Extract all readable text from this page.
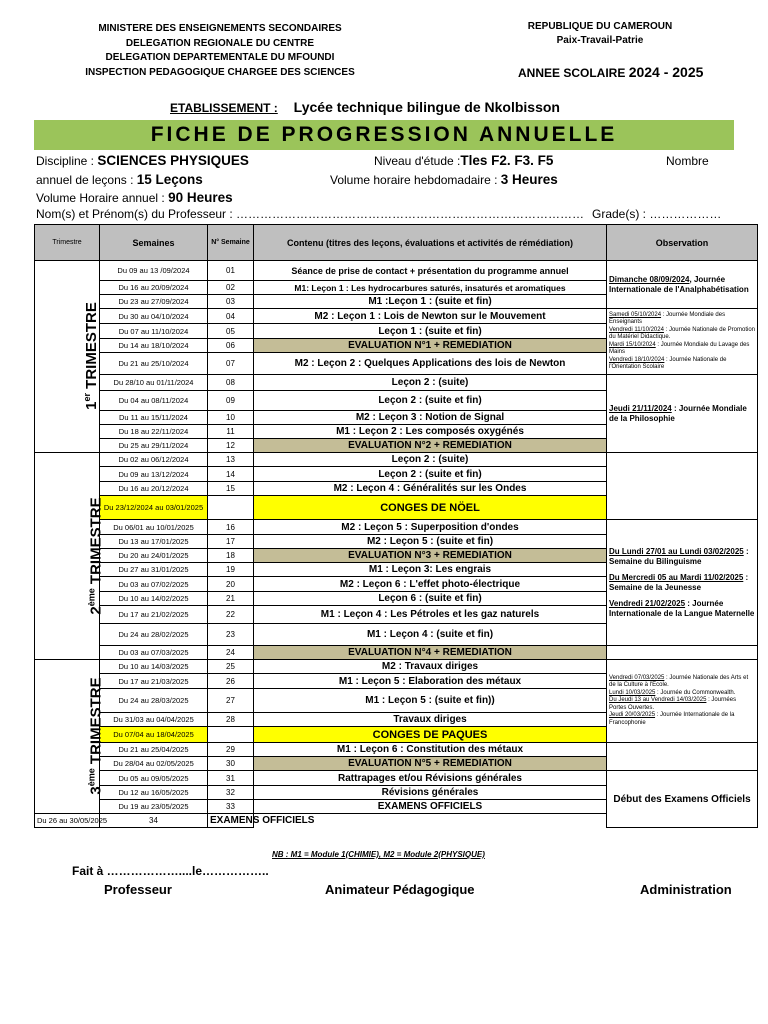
MINISTERE DES ENSEIGNEMENTS SECONDAIRES
DELEGATION REGIONALE DU CENTRE
DELEGATION DEPARTEMENTALE DU MFOUNDI
INSPECTION PEDAGOGIQUE CHARGEE DES SCIENCES
REPUBLIQUE DU CAMEROUN
Paix-Travail-Patrie
ANNEE SCOLAIRE 2024 - 2025
ETABLISSEMENT : Lycée technique bilingue de Nkolbisson
FICHE DE PROGRESSION ANNUELLE
Discipline : SCIENCES PHYSIQUES	Niveau d'étude :Tles F2. F3. F5	Nombre
annuel de leçons : 15 Leçons	Volume horaire hebdomadaire : 3 Heures
Volume Horaire annuel : 90 Heures
Nom(s) et Prénom(s) du Professeur : …………………………………………………………………………… Grade(s) : ………………
Trimestre	Semaines	N° Semaine	Contenu (titres des leçons, évaluations et activités de rémédiation)	Observation
1er TRIMESTRE	Du 09 au 13 /09/2024	01	Séance de prise de contact + présentation du programme annuel	Dimanche 08/09/2024, Journée Internationale de l'Analphabétisation

	Du 16 au 20/09/2024	02	M1: Leçon 1 : Les hydrocarbures saturés, insaturés et aromatiques	
	Du 23 au 27/09/2024	03	M1 :Leçon 1 : (suite et fin)	
	Du 30 au 04/10/2024	04	M2 : Leçon 1 : Lois de Newton sur le Mouvement	Samedi 05/10/2024 : Journée Mondiale des Enseignants
Vendredi 11/10/2024 : Journée Nationale de Promotion du Matériel Didactique.
Mardi 15/10/2024 : Journée Mondiale du Lavage des Mains
Vendredi 18/10/2024 : Journée Nationale de l'Orientation Scolaire

	Du 07 au 11/10/2024	05	Leçon 1 : (suite et fin)	
	Du 14 au 18/10/2024	06	EVALUATION N°1 + REMEDIATION	
	Du 21 au 25/10/2024	07	M2 : Leçon 2 : Quelques Applications des lois de Newton	
	Du 28/10 au 01/11/2024	08	Leçon 2 : (suite)	Jeudi 21/11/2024 : Journée Mondiale de la Philosophie

	Du 04 au 08/11/2024	09	Leçon 2 : (suite et fin)	
	Du 11 au 15/11/2024	10	M2 : Leçon 3 : Notion de Signal	
	Du 18 au 22/11/2024	11	M1 : Leçon 2 : Les composés oxygénés	
	Du 25 au 29/11/2024	12	EVALUATION N°2 + REMEDIATION	
2ème TRIMESTRE	Du 02 au 06/12/2024	13	Leçon 2 : (suite)	
	Du 09 au 13/12/2024	14	Leçon 2 : (suite et fin)	
	Du 16 au 20/12/2024	15	M2 : Leçon 4 : Généralités sur les Ondes	
	Du 23/12/2024 au 03/01/2025		CONGES DE NÖEL	
	Du 06/01 au 10/01/2025	16	M2 : Leçon 5 : Superposition d'ondes	Du Lundi 27/01 au Lundi 03/02/2025 : Semaine du Bilinguisme
Du Mercredi 05 au Mardi 11/02/2025 : Semaine de la Jeunesse
Vendredi 21/02/2025 : Journée Internationale de la Langue Maternelle

	Du 13 au 17/01/2025	17	M2 : Leçon 5 : (suite et fin)	
	Du 20 au 24/01/2025	18	EVALUATION N°3 + REMEDIATION	
	Du 27 au 31/01/2025	19	M1 : Leçon 3: Les engrais	
	Du 03 au 07/02/2025	20	M2 : Leçon 6 : L'effet photo-électrique	
	Du 10 au 14/02/2025	21	Leçon 6 : (suite et fin)	
	Du 17 au 21/02/2025	22	M1 : Leçon 4 : Les Pétroles et les gaz naturels	
	Du 24 au 28/02/2025	23	M1 : Leçon 4 : (suite et fin)	
	Du 03 au 07/03/2025	24	EVALUATION N°4 + REMEDIATION	
3ème TRIMESTRE	Du 10 au 14/03/2025	25	M2 : Travaux diriges	Vendredi 07/03/2025 : Journée Nationale des Arts et de la Culture à l'Ecole.
Lundi 10/03/2025 : Journée du Commonwealth.
Du Jeudi 13 au Vendredi 14/03/2025 : Journées Portes Ouvertes.
Jeudi 20/03/2025 : Journée Internationale de la Francophonie

	Du 17 au 21/03/2025	26	M1 : Leçon 5 : Elaboration des métaux	
	Du 24 au 28/03/2025	27	M1 : Leçon 5 : (suite et fin))	
	Du 31/03 au 04/04/2025	28	Travaux diriges	
	Du 07/04 au 18/04/2025		CONGES DE PAQUES	
	Du 21 au 25/04/2025	29	M1 : Leçon 6 : Constitution des métaux	
	Du 28/04 au 02/05/2025	30	EVALUATION N°5 + REMEDIATION	
	Du 05 au 09/05/2025	31	Rattrapages et/ou Révisions générales	Début des Examens Officiels
	Du 12 au 16/05/2025	32	Révisions générales	
	Du 19 au 23/05/2025	33	EXAMENS OFFICIELS	
Du 26 au 30/05/2025	34	EXAMENS OFFICIELS		
NB : M1 = Module 1(CHIMIE), M2 = Module 2(PHYSIQUE)
Fait à ………………....le……………..
Professeur	Animateur Pédagogique	Administration
